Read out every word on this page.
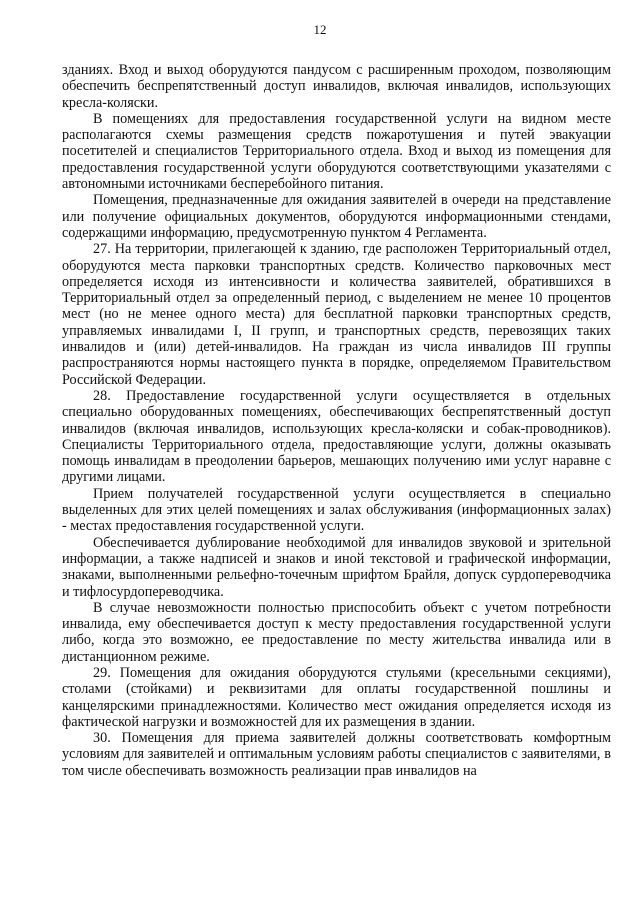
12

зданиях. Вход и выход оборудуются пандусом с расширенным проходом, позволяющим обеспечить беспрепятственный доступ инвалидов, включая инвалидов, использующих кресла-коляски.

В помещениях для предоставления государственной услуги на видном месте располагаются схемы размещения средств пожаротушения и путей эвакуации посетителей и специалистов Территориального отдела. Вход и выход из помещения для предоставления государственной услуги оборудуются соответствующими указателями с автономными источниками бесперебойного питания.

Помещения, предназначенные для ожидания заявителей в очереди на представление или получение официальных документов, оборудуются информационными стендами, содержащими информацию, предусмотренную пунктом 4 Регламента.

27. На территории, прилегающей к зданию, где расположен Территориальный отдел, оборудуются места парковки транспортных средств. Количество парковочных мест определяется исходя из интенсивности и количества заявителей, обратившихся в Территориальный отдел за определенный период, с выделением не менее 10 процентов мест (но не менее одного места) для бесплатной парковки транспортных средств, управляемых инвалидами I, II групп, и транспортных средств, перевозящих таких инвалидов и (или) детей-инвалидов. На граждан из числа инвалидов III группы распространяются нормы настоящего пункта в порядке, определяемом Правительством Российской Федерации.

28. Предоставление государственной услуги осуществляется в отдельных специально оборудованных помещениях, обеспечивающих беспрепятственный доступ инвалидов (включая инвалидов, использующих кресла-коляски и собак-проводников). Специалисты Территориального отдела, предоставляющие услуги, должны оказывать помощь инвалидам в преодолении барьеров, мешающих получению ими услуг наравне с другими лицами.

Прием получателей государственной услуги осуществляется в специально выделенных для этих целей помещениях и залах обслуживания (информационных залах) - местах предоставления государственной услуги.

Обеспечивается дублирование необходимой для инвалидов звуковой и зрительной информации, а также надписей и знаков и иной текстовой и графической информации, знаками, выполненными рельефно-точечным шрифтом Брайля, допуск сурдопереводчика и тифлосурдопереводчика.

В случае невозможности полностью приспособить объект с учетом потребности инвалида, ему обеспечивается доступ к месту предоставления государственной услуги либо, когда это возможно, ее предоставление по месту жительства инвалида или в дистанционном режиме.

29. Помещения для ожидания оборудуются стульями (кресельными секциями), столами (стойками) и реквизитами для оплаты государственной пошлины и канцелярскими принадлежностями. Количество мест ожидания определяется исходя из фактической нагрузки и возможностей для их размещения в здании.

30. Помещения для приема заявителей должны соответствовать комфортным условиям для заявителей и оптимальным условиям работы специалистов с заявителями, в том числе обеспечивать возможность реализации прав инвалидов на
